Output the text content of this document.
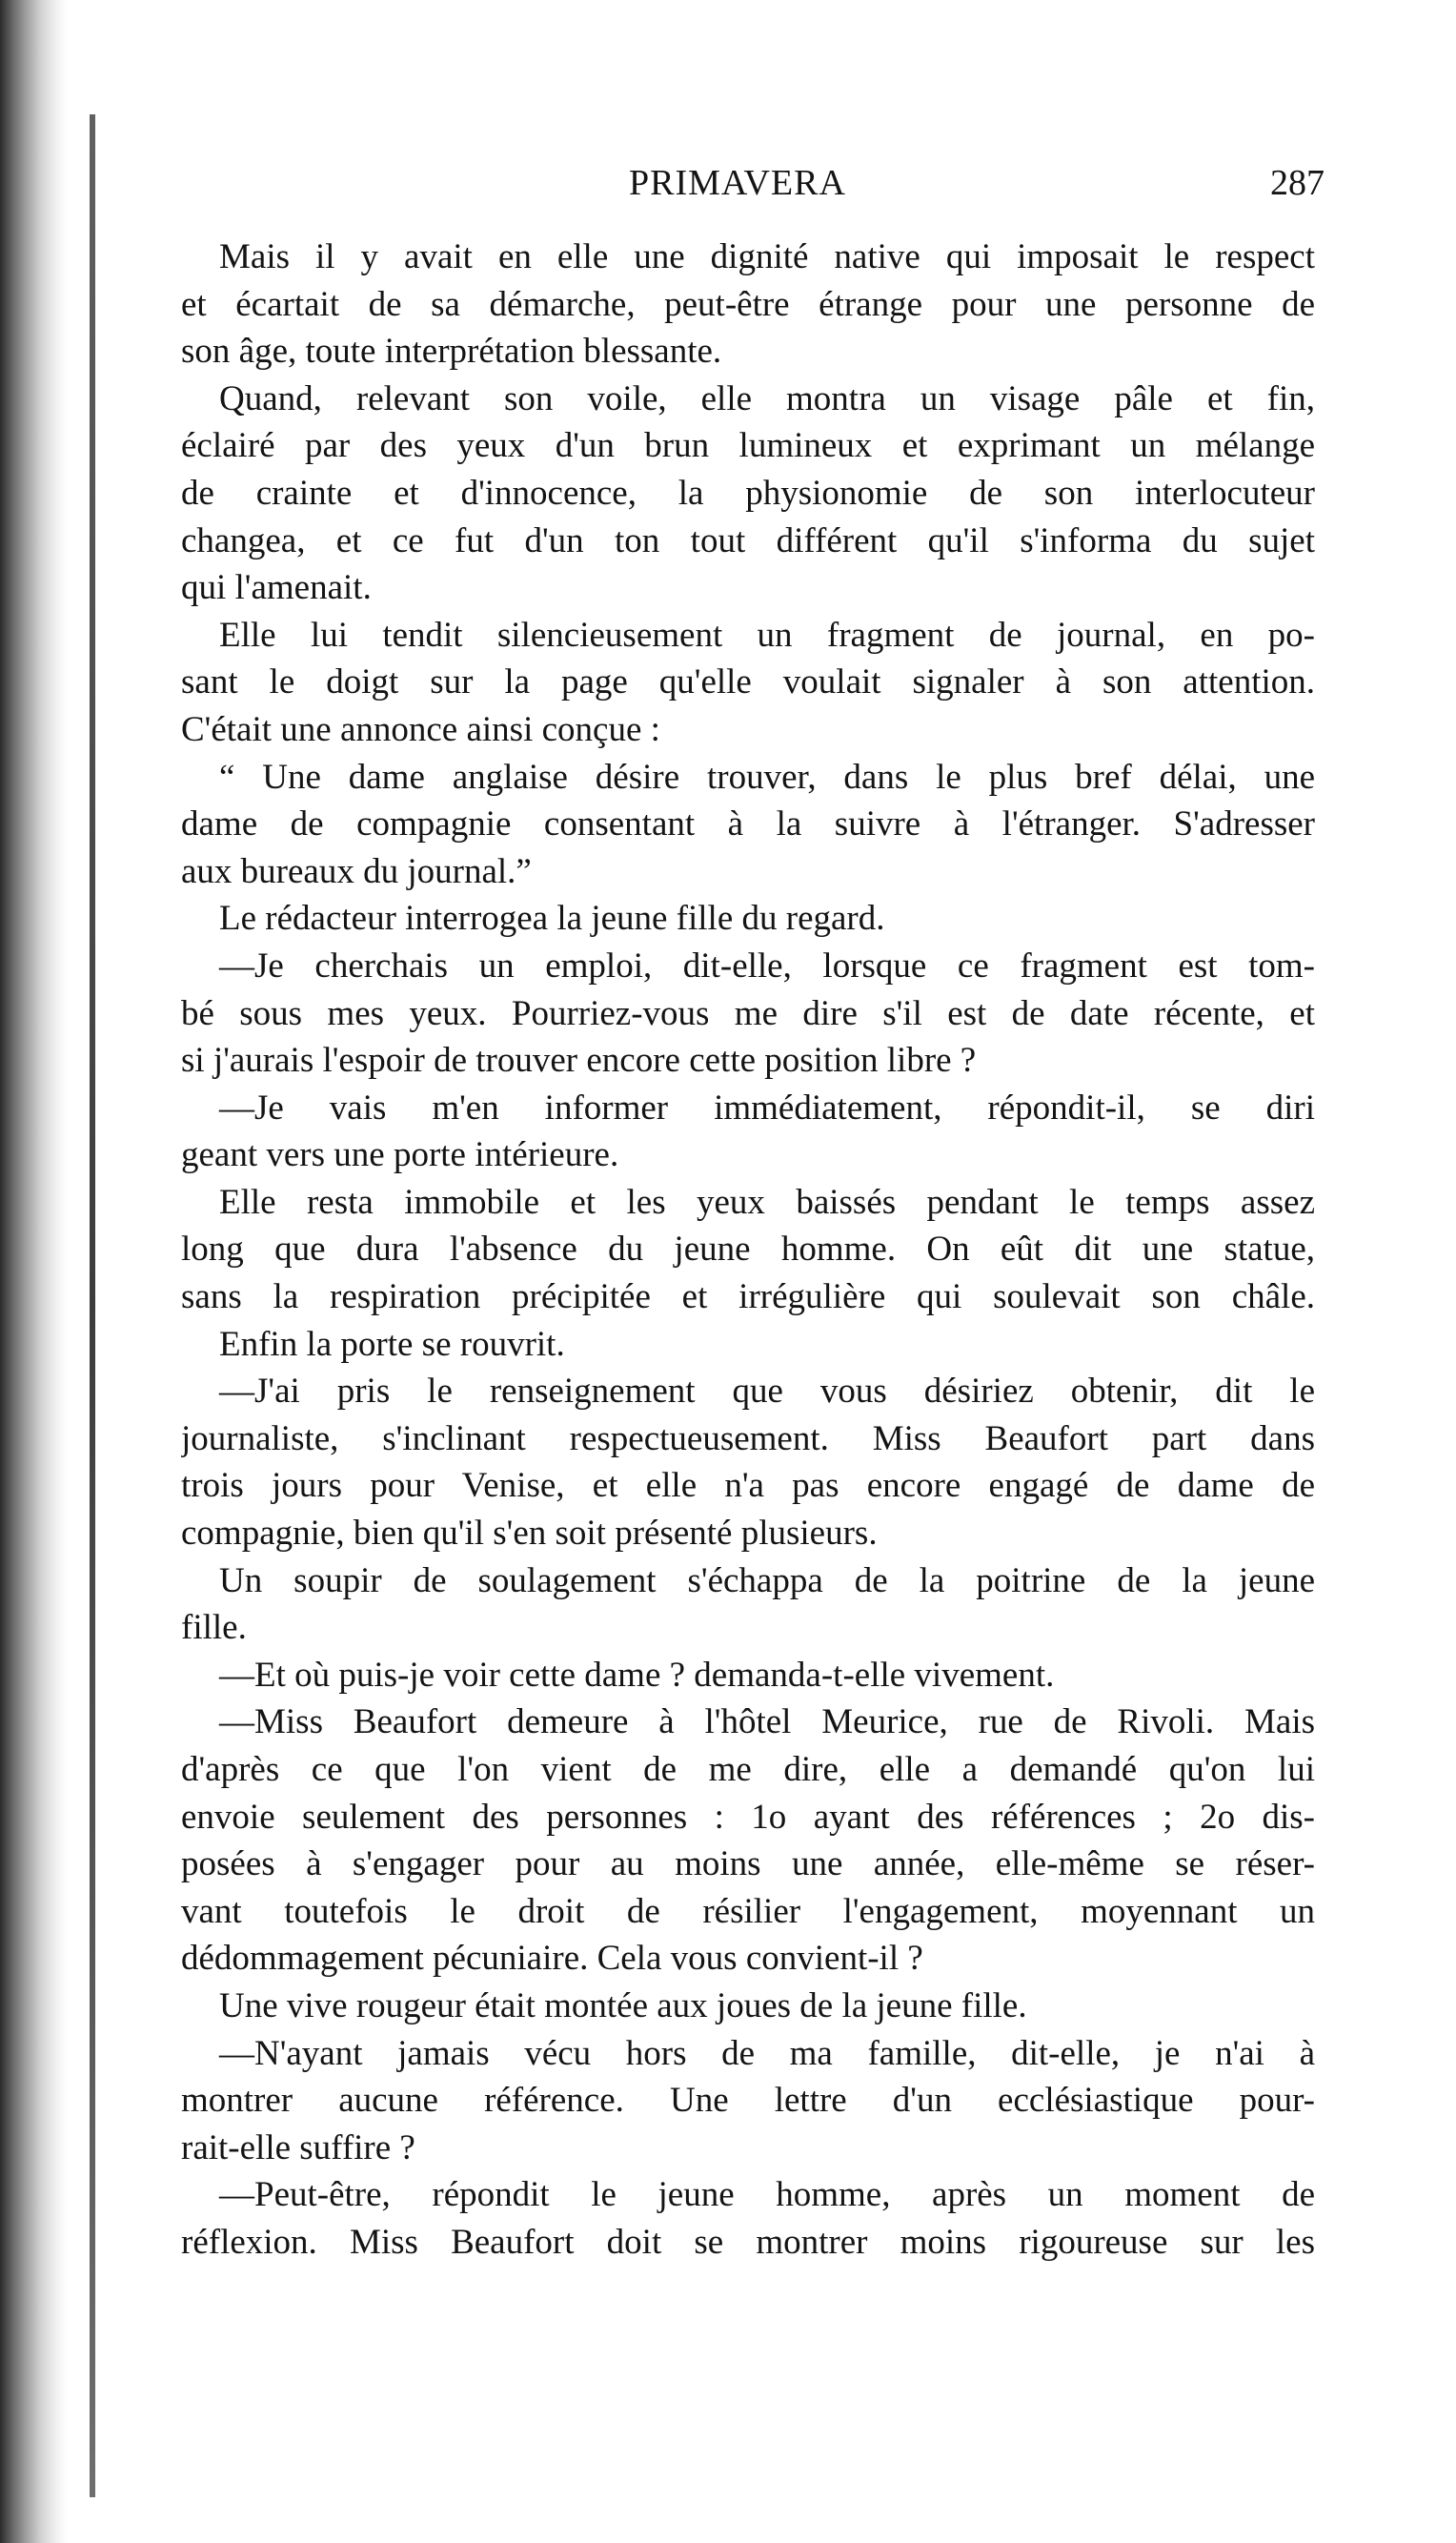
PRIMAVERA	287
Mais il y avait en elle une dignité native qui imposait le respect
et écartait de sa démarche, peut-être étrange pour une personne de
son âge, toute interprétation blessante.
Quand, relevant son voile, elle montra un visage pâle et fin,
éclairé par des yeux d'un brun lumineux et exprimant un mélange
de crainte et d'innocence, la physionomie de son interlocuteur
changea, et ce fut d'un ton tout différent qu'il s'informa du sujet
qui l'amenait.
Elle lui tendit silencieusement un fragment de journal, en po-
sant le doigt sur la page qu'elle voulait signaler à son attention.
C'était une annonce ainsi conçue :
“ Une dame anglaise désire trouver, dans le plus bref délai, une
dame de compagnie consentant à la suivre à l'étranger. S'adresser
aux bureaux du journal.”
Le rédacteur interrogea la jeune fille du regard.
—Je cherchais un emploi, dit-elle, lorsque ce fragment est tom-
bé sous mes yeux. Pourriez-vous me dire s'il est de date récente, et
si j'aurais l'espoir de trouver encore cette position libre ?
—Je vais m'en informer immédiatement, répondit-il, se diri
geant vers une porte intérieure.
Elle resta immobile et les yeux baissés pendant le temps assez
long que dura l'absence du jeune homme. On eût dit une statue,
sans la respiration précipitée et irrégulière qui soulevait son châle.
Enfin la porte se rouvrit.
—J'ai pris le renseignement que vous désiriez obtenir, dit le
journaliste, s'inclinant respectueusement. Miss Beaufort part dans
trois jours pour Venise, et elle n'a pas encore engagé de dame de
compagnie, bien qu'il s'en soit présenté plusieurs.
Un soupir de soulagement s'échappa de la poitrine de la jeune
fille.
—Et où puis-je voir cette dame ? demanda-t-elle vivement.
—Miss Beaufort demeure à l'hôtel Meurice, rue de Rivoli. Mais
d'après ce que l'on vient de me dire, elle a demandé qu'on lui
envoie seulement des personnes : 1o ayant des références ; 2o dis-
posées à s'engager pour au moins une année, elle-même se réser-
vant toutefois le droit de résilier l'engagement, moyennant un
dédommagement pécuniaire. Cela vous convient-il ?
Une vive rougeur était montée aux joues de la jeune fille.
—N'ayant jamais vécu hors de ma famille, dit-elle, je n'ai à
montrer aucune référence. Une lettre d'un ecclésiastique pour-
rait-elle suffire ?
—Peut-être, répondit le jeune homme, après un moment de
réflexion. Miss Beaufort doit se montrer moins rigoureuse sur les
